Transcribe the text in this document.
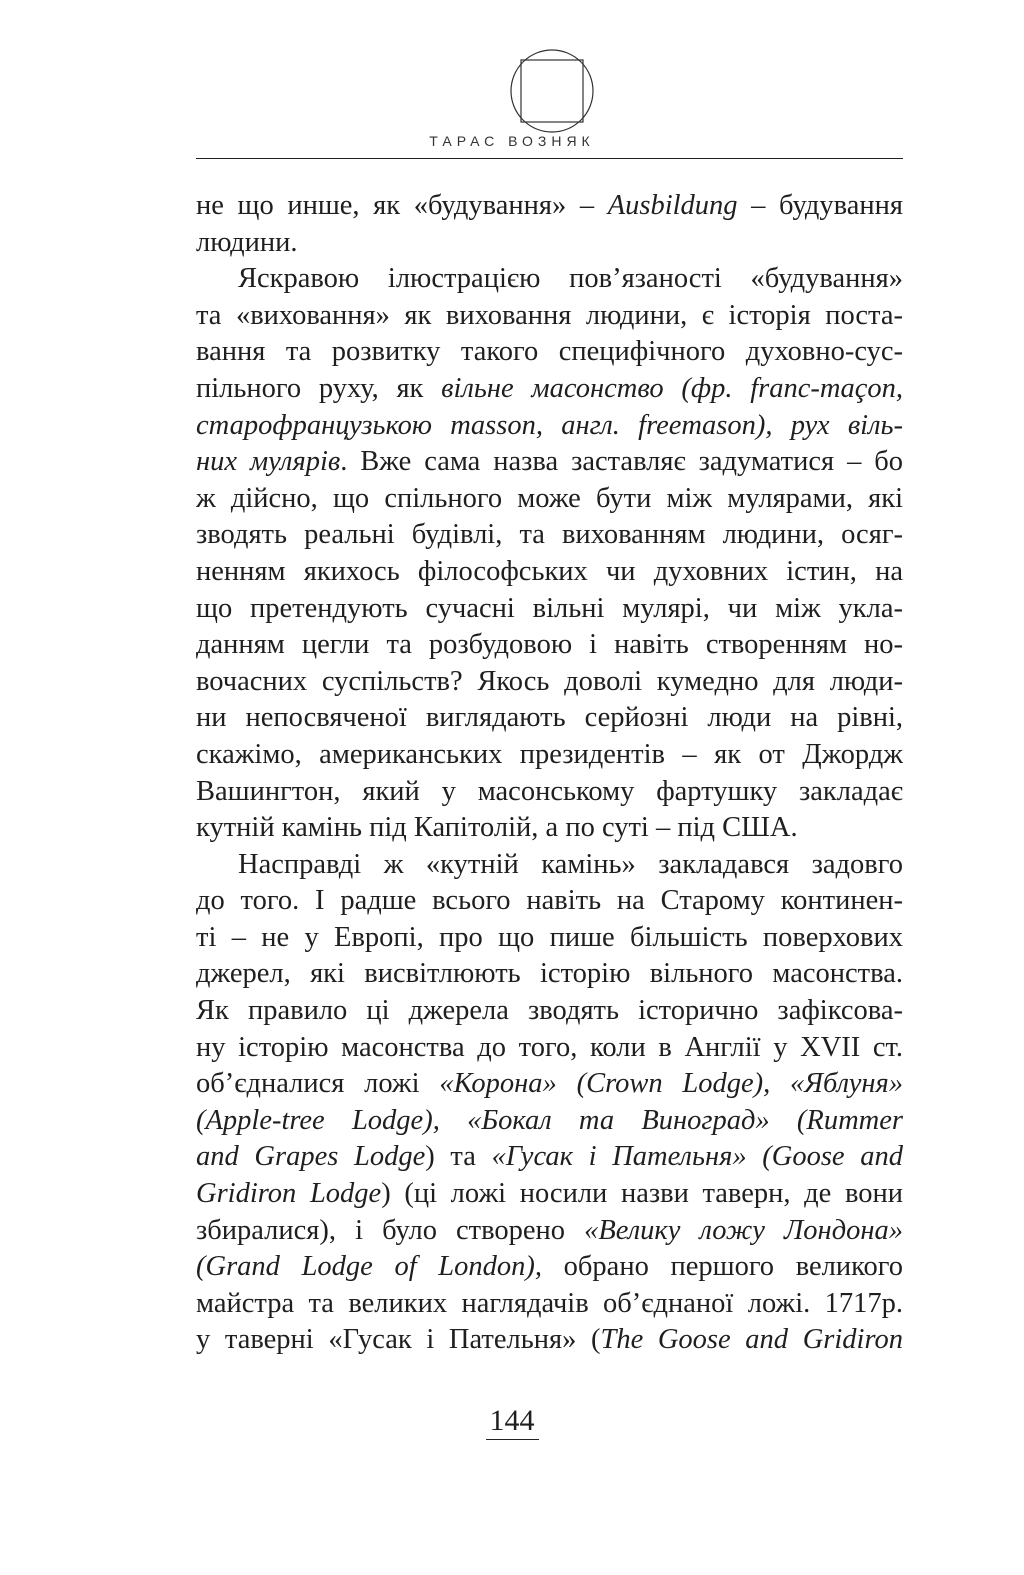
ТАРАС ВОЗНЯК
не що инше, як «будування» – Ausbildung – будування
людини.
Яскравою ілюстрацією пов’язаності «будування»
та «виховання» як виховання людини, є історія поста-
вання та розвитку такого специфічного духовно-сус-
пільного руху, як вільне масонство (фр. franc-maçon,
старофранцузькою masson, англ. freemason), рух віль-
них мулярів. Вже сама назва заставляє задуматися – бо
ж дійсно, що спільного може бути між мулярами, які
зводять реальні будівлі, та вихованням людини, осяг-
ненням якихось філософських чи духовних істин, на
що претендують сучасні вільні мулярі, чи між укла-
данням цегли та розбудовою і навіть створенням но-
вочасних суспільств? Якось доволі кумедно для люди-
ни непосвяченої виглядають серйозні люди на рівні,
скажімо, американських президентів – як от Джордж
Вашингтон, який у масонському фартушку закладає
кутній камінь під Капітолій, а по суті – під США.
Насправді ж «кутній камінь» закладався задовго
до того. І радше всього навіть на Старому континен-
ті – не у Европі, про що пише більшість поверхових
джерел, які висвітлюють історію вільного масонства.
Як правило ці джерела зводять історично зафіксова-
ну історію масонства до того, коли в Англії у XVII ст.
об’єдналися ложі «Корона» (Crown Lodge), «Яблуня»
(Apple-tree Lodge), «Бокал та Виноград» (Rummer
and Grapes Lodge) та «Гусак і Пательня» (Goose and
Gridiron Lodge) (ці ложі носили назви таверн, де вони
збиралися), і було створено «Велику ложу Лондона»
(Grand Lodge of London), обрано першого великого
майстра та великих наглядачів об’єднаної ложі. 1717р.
у таверні «Гусак і Пательня» (The Goose and Gridiron
144
